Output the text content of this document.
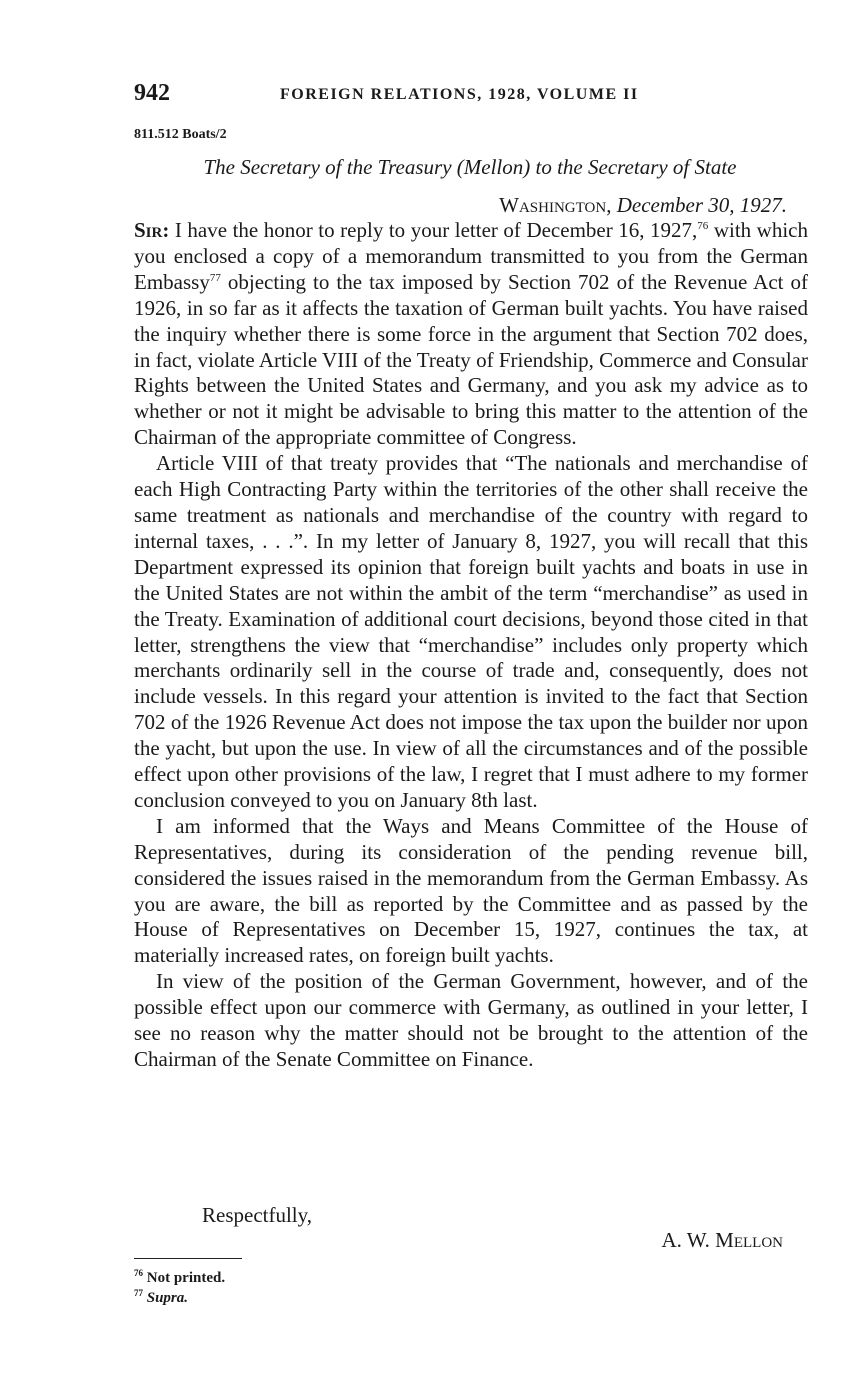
942	FOREIGN RELATIONS, 1928, VOLUME II
811.512 Boats/2
The Secretary of the Treasury (Mellon) to the Secretary of State
Washington, December 30, 1927.

Sir: I have the honor to reply to your letter of December 16, 1927,76 with which you enclosed a copy of a memorandum transmitted to you from the German Embassy$^{77}$ objecting to the tax imposed by Section 702 of the Revenue Act of 1926, in so far as it affects the taxation of German built yachts. You have raised the inquiry whether there is some force in the argument that Section 702 does, in fact, violate Article VIII of the Treaty of Friendship, Commerce and Consular Rights between the United States and Germany, and you ask my advice as to whether or not it might be advisable to bring this matter to the attention of the Chairman of the appropriate committee of Congress.

Article VIII of that treaty provides that “The nationals and merchandise of each High Contracting Party within the territories of the other shall receive the same treatment as nationals and merchandise of the country with regard to internal taxes, . . .”. In my letter of January 8, 1927, you will recall that this Department expressed its opinion that foreign built yachts and boats in use in the United States are not within the ambit of the term “merchandise” as used in the Treaty. Examination of additional court decisions, beyond those cited in that letter, strengthens the view that “merchandise” includes only property which merchants ordinarily sell in the course of trade and, consequently, does not include vessels. In this regard your attention is invited to the fact that Section 702 of the 1926 Revenue Act does not impose the tax upon the builder nor upon the yacht, but upon the use. In view of all the circumstances and of the possible effect upon other provisions of the law, I regret that I must adhere to my former conclusion conveyed to you on January 8th last.

I am informed that the Ways and Means Committee of the House of Representatives, during its consideration of the pending revenue bill, considered the issues raised in the memorandum from the German Embassy. As you are aware, the bill as reported by the Committee and as passed by the House of Representatives on December 15, 1927, continues the tax, at materially increased rates, on foreign built yachts.

In view of the position of the German Government, however, and of the possible effect upon our commerce with Germany, as outlined in your letter, I see no reason why the matter should not be brought to the attention of the Chairman of the Senate Committee on Finance.

Respectfully,
A. W. Mellon
$^{76}$ Not printed.
$^{77}$ Supra.
